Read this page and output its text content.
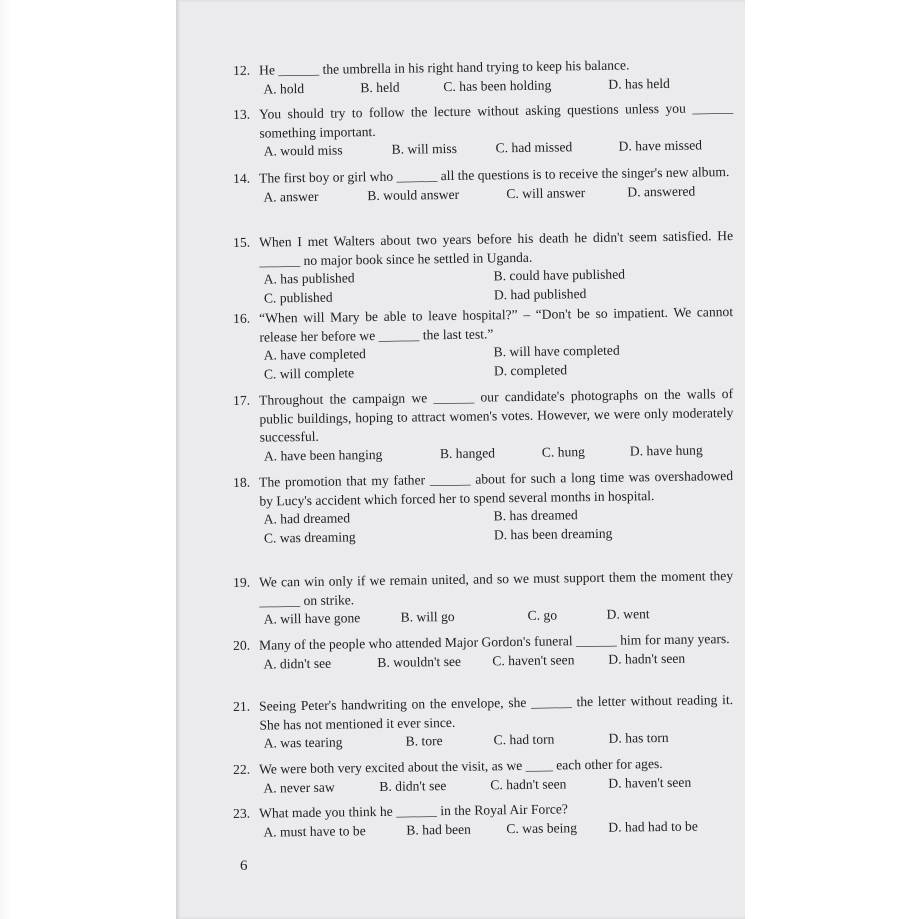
12. He ______ the umbrella in his right hand trying to keep his balance.
A. hold	B. held	C. has been holding	D. has held
13. You should try to follow the lecture without asking questions unless you ______ something important.
A. would miss	B. will miss	C. had missed	D. have missed
14. The first boy or girl who ______ all the questions is to receive the singer's new album.
A. answer	B. would answer	C. will answer	D. answered
15. When I met Walters about two years before his death he didn't seem satisfied. He ______ no major book since he settled in Uganda.
A. has published	B. could have published
C. published	D. had published
16. “When will Mary be able to leave hospital?” – “Don't be so impatient. We cannot release her before we ______ the last test.”
A. have completed	B. will have completed
C. will complete	D. completed
17. Throughout the campaign we ______ our candidate's photographs on the walls of public buildings, hoping to attract women's votes. However, we were only moderately successful.
A. have been hanging	B. hanged	C. hung	D. have hung
18. The promotion that my father ______ about for such a long time was overshadowed by Lucy's accident which forced her to spend several months in hospital.
A. had dreamed	B. has dreamed
C. was dreaming	D. has been dreaming
19. We can win only if we remain united, and so we must support them the moment they ______ on strike.
A. will have gone	B. will go	C. go	D. went
20. Many of the people who attended Major Gordon's funeral ______ him for many years.
A. didn't see	B. wouldn't see C. haven't seen D. hadn't seen
21. Seeing Peter's handwriting on the envelope, she ______ the letter without reading it. She has not mentioned it ever since.
A. was tearing	B. tore	C. had torn	D. has torn
22. We were both very excited about the visit, as we ____ each other for ages.
A. never saw	B. didn't see	C. hadn't seen	D. haven't seen
23. What made you think he ______ in the Royal Air Force?
A. must have to be	B. had been	C. was being D. had had to be
6
